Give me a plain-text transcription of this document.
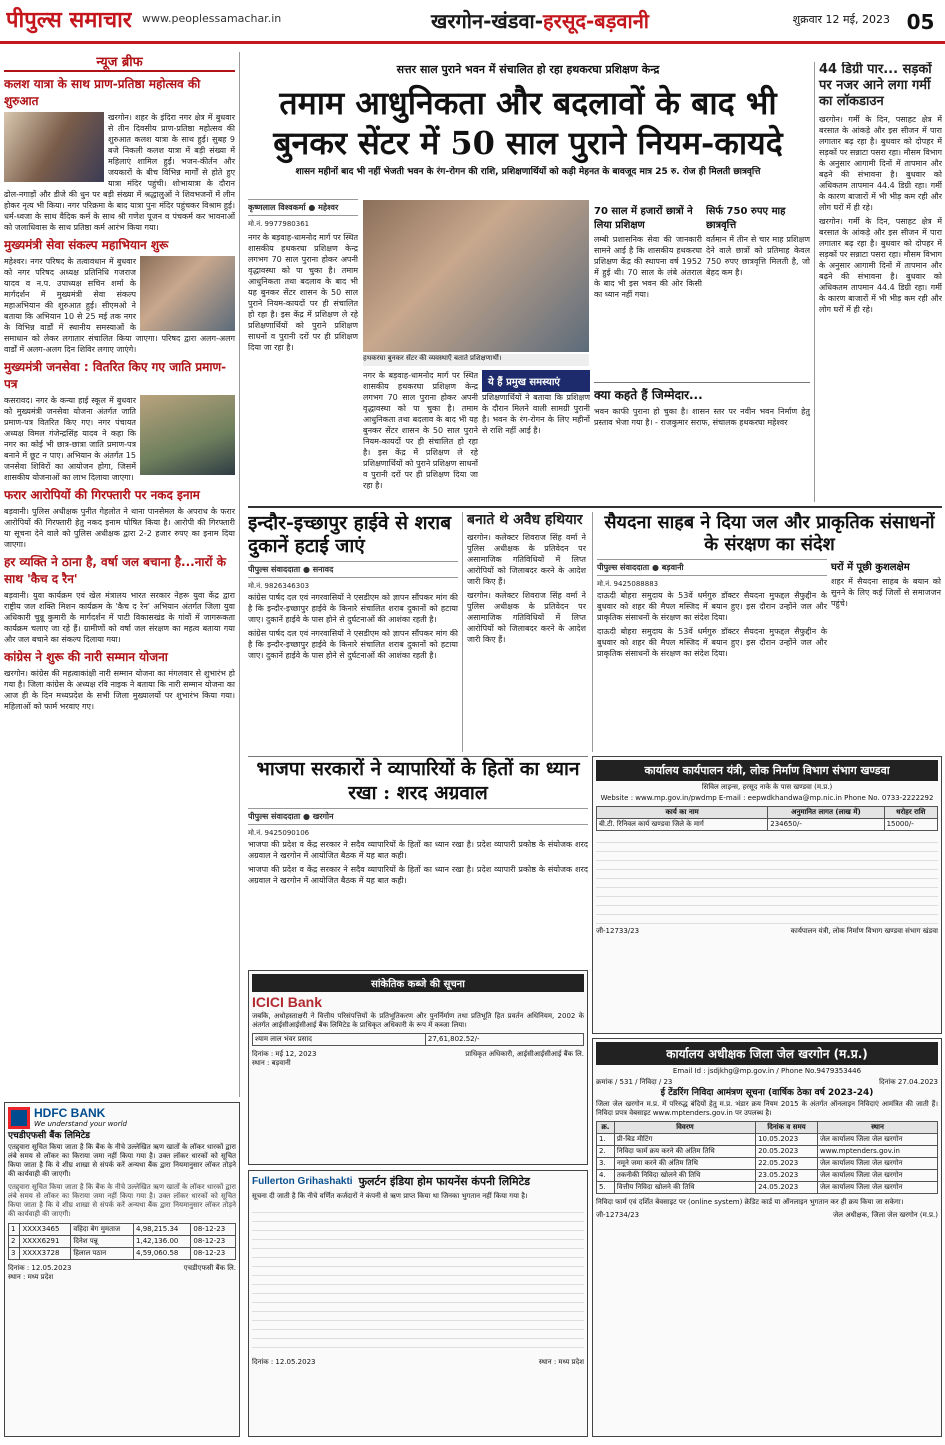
पीपुल्स समाचार www.peoplessamachar.in	खरगोन-खंडवा-हरसूद-बड़वानी	शुक्रवार 12 मई, 2023 05
न्यूज ब्रीफ
कलश यात्रा के साथ प्राण-प्रतिष्ठा महोत्सव की शुरुआत

खरगोन। शहर के इंदिरा नगर क्षेत्र में बुधवार से तीन दिवसीय प्राण-प्रतिष्ठा महोत्सव की शुरुआत कलश यात्रा के साथ हुई। सुबह 9 बजे निकली कलश यात्रा में बड़ी संख्या में महिलाएं शामिल हुईं। भजन-कीर्तन और जयकारों के बीच विभिन्न मार्गों से होते हुए यात्रा मंदिर पहुंची। शोभायात्रा के दौरान ढोल-नगाड़ों और डीजे की धुन पर बड़ी संख्या में श्रद्धालुओं ने शिवभजनों में लीन होकर नृत्य भी किया। नगर परिक्रमा के बाद यात्रा पुनः मंदिर पहुंचकर विश्राम हुई। धर्म-ध्वजा के साथ वैदिक कर्म के साथ श्री गणेश पूजन व पंचकर्म कर भावनाओं को जलाधिवास के साथ प्रतिष्ठा कर्म आरंभ किया गया।

मुख्यमंत्री सेवा संकल्प महाभियान शुरू

महेश्वर। नगर परिषद के तत्वावधान में बुधवार को नगर परिषद अध्यक्ष प्रतिनिधि गजराज यादव व न.प. उपाध्यक्ष सचिन शर्मा के मार्गदर्शन में मुख्यमंत्री सेवा संकल्प महाअभियान की शुरुआत हुई। सीएमओ ने बताया कि अभियान 10 से 25 मई तक नगर के विभिन्न वार्डों में स्थानीय समस्याओं के समाधान को लेकर लगातार संचालित किया जाएगा। परिषद द्वारा अलग-अलग वार्डों में अलग-अलग दिन शिविर लगाए जाएंगे।

मुख्यमंत्री जनसेवा : वितरित किए गए जाति प्रमाण-पत्र

कसरावद। नगर के कन्या हाई स्कूल में बुधवार को मुख्यमंत्री जनसेवा योजना अंतर्गत जाति प्रमाण-पत्र वितरित किए गए। नगर पंचायत अध्यक्ष विमल गंजेन्द्रसिंह यादव ने कहा कि नगर का कोई भी छात्र-छात्रा जाति प्रमाण-पत्र बनाने में छूट न पाए। अभियान के अंतर्गत 15 जनसेवा शिविरों का आयोजन होगा, जिसमें शासकीय योजनाओं का लाभ दिलाया जाएगा।

फरार आरोपियों की गिरफ्तारी पर नकद इनाम

बड़वानी। पुलिस अधीक्षक पुनीत गेहलोत ने थाना पानसेमल के अपराध के फरार आरोपियों की गिरफ्तारी हेतु नकद इनाम घोषित किया है। आरोपी की गिरफ्तारी या सूचना देने वाले को पुलिस अधीक्षक द्वारा 2-2 हजार रुपए का इनाम दिया जाएगा।

हर व्यक्ति ने ठाना है, वर्षा जल बचाना है...नारों के साथ 'कैच द रैन'

बड़वानी। युवा कार्यक्रम एवं खेल मंत्रालय भारत सरकार नेहरू युवा केंद्र द्वारा राष्ट्रीय जल शक्ति मिशन कार्यक्रम के 'कैच द रेन' अभियान अंतर्गत जिला युवा अधिकारी चुन्नू कुमारी के मार्गदर्शन में पाटी विकासखंड के गांवों में जागरूकता कार्यक्रम चलाए जा रहे हैं। ग्रामीणों को वर्षा जल संरक्षण का महत्व बताया गया और जल बचाने का संकल्प दिलाया गया।

कांग्रेस ने शुरू की नारी सम्मान योजना

खरगोन। कांग्रेस की महत्वाकांक्षी नारी सम्मान योजना का मंगलवार से शुभारंभ हो गया है। जिला कांग्रेस के अध्यक्ष रवि नाइक ने बताया कि नारी सम्मान योजना का आज ही के दिन मध्यप्रदेश के सभी जिला मुख्यालयों पर शुभारंभ किया गया। महिलाओं को फार्म भरवाए गए।

HDFC BANK
We understand your world
एचडीएफसी बैंक लिमिटेड

एतद्द्वारा सूचित किया जाता है कि बैंक के नीचे उल्लेखित ऋण खातों के लॉकर धारकों द्वारा लंबे समय से लॉकर का किराया जमा नहीं किया गया है। उक्त लॉकर धारकों को सूचित किया जाता है कि वे शीघ्र शाखा से संपर्क करें अन्यथा बैंक द्वारा नियमानुसार लॉकर तोड़ने की कार्यवाही की जाएगी।

एतद्द्वारा सूचित किया जाता है कि बैंक के नीचे उल्लेखित ऋण खातों के लॉकर धारकों द्वारा लंबे समय से लॉकर का किराया जमा नहीं किया गया है। उक्त लॉकर धारकों को सूचित किया जाता है कि वे शीघ्र शाखा से संपर्क करें अन्यथा बैंक द्वारा नियमानुसार लॉकर तोड़ने की कार्यवाही की जाएगी।

1	XXXX3465	वहिदा बेग मुमताज	4,98,215.34	08-12-23
2	XXXX6291	दिनेश पन्नू	1,42,136.00	08-12-23
3	XXXX3728	हिलाल पठान	4,59,060.58	08-12-23
दिनांक : 12.05.2023
स्थान : मध्य प्रदेश
एचडीएफसी बैंक लि.
सत्तर साल पुराने भवन में संचालित हो रहा हथकरघा प्रशिक्षण केन्द्र
तमाम आधुनिकता और बदलावों के बाद भी
बुनकर सेंटर में 50 साल पुराने नियम-कायदे
शासन महीनों बाद भी नहीं भेजती भवन के रंग-रोगन की राशि, प्रशिक्षणार्थियों को कड़ी मेहनत के बावजूद मात्र 25 रु. रोज ही मिलती छात्रवृत्ति
कृष्णलाल विश्वकर्मा ● महेश्वर
मो.नं. 9977980361

नगर के बड़वाह-धामनोद मार्ग पर स्थित शासकीय हथकरघा प्रशिक्षण केन्द्र लगभग 70 साल पुराना होकर अपनी वृद्धावस्था को पा चुका है। तमाम आधुनिकता तथा बदलाव के बाद भी यह बुनकर सेंटर शासन के 50 साल पुराने नियम-कायदों पर ही संचालित हो रहा है। इस केंद्र में प्रशिक्षण ले रहे प्रशिक्षणार्थियों को पुराने प्रशिक्षण साधनों व पुरानी दरों पर ही प्रशिक्षण दिया जा रहा है।

हथकरघा बुनकर सेंटर की व्यवस्थाएँ बताते प्रशिक्षणार्थी।

नगर के बड़वाह-धामनोद मार्ग पर स्थित शासकीय हथकरघा प्रशिक्षण केन्द्र लगभग 70 साल पुराना होकर अपनी वृद्धावस्था को पा चुका है। तमाम आधुनिकता तथा बदलाव के बाद भी यह बुनकर सेंटर शासन के 50 साल पुराने नियम-कायदों पर ही संचालित हो रहा है। इस केंद्र में प्रशिक्षण ले रहे प्रशिक्षणार्थियों को पुराने प्रशिक्षण साधनों व पुरानी दरों पर ही प्रशिक्षण दिया जा रहा है।

ये हैं प्रमुख समस्याएं

प्रशिक्षणार्थियों ने बताया कि प्रशिक्षण के दौरान मिलने वाली सामग्री पुरानी है। भवन के रंग-रोगन के लिए महीनों से राशि नहीं आई है।

70 साल में हजारों छात्रों ने लिया प्रशिक्षण

लम्बी प्रशासनिक सेवा की जानकारी सामने आई है कि शासकीय हथकरघा प्रशिक्षण केंद्र की स्थापना वर्ष 1952 में हुई थी। 70 साल के लंबे अंतराल के बाद भी इस भवन की ओर किसी का ध्यान नहीं गया।

सिर्फ 750 रुपए माह छात्रवृत्ति

वर्तमान में तीन से चार माह प्रशिक्षण देने वाले छात्रों को प्रतिमाह केवल 750 रुपए छात्रवृत्ति मिलती है, जो बेहद कम है।

क्या कहते हैं जिम्मेदार...

भवन काफी पुराना हो चुका है। शासन स्तर पर नवीन भवन निर्माण हेतु प्रस्ताव भेजा गया है। - राजकुमार सराफ, संचालक हथकरघा महेश्वर

44 डिग्री पार... सड़कों पर नजर आने लगा गर्मी का लॉकडाउन

खरगोन। गर्मी के दिन, पसाहट क्षेत्र में बरसात के आंकड़े और इस सीजन में पारा लगातार बढ़ रहा है। बुधवार को दोपहर में सड़कों पर सन्नाटा पसरा रहा। मौसम विभाग के अनुसार आगामी दिनों में तापमान और बढ़ने की संभावना है। बुधवार को अधिकतम तापमान 44.4 डिग्री रहा। गर्मी के कारण बाजारों में भी भीड़ कम रही और लोग घरों में ही रहे।

खरगोन। गर्मी के दिन, पसाहट क्षेत्र में बरसात के आंकड़े और इस सीजन में पारा लगातार बढ़ रहा है। बुधवार को दोपहर में सड़कों पर सन्नाटा पसरा रहा। मौसम विभाग के अनुसार आगामी दिनों में तापमान और बढ़ने की संभावना है। बुधवार को अधिकतम तापमान 44.4 डिग्री रहा। गर्मी के कारण बाजारों में भी भीड़ कम रही और लोग घरों में ही रहे।

इन्दौर-इच्छापुर हाईवे से शराब दुकानें हटाई जाएं
पीपुल्स संवाददाता ● सनावद
मो.नं. 9826346303

कांग्रेस पार्षद दल एवं नगरवासियों ने एसडीएम को ज्ञापन सौंपकर मांग की है कि इन्दौर-इच्छापुर हाईवे के किनारे संचालित शराब दुकानों को हटाया जाए। दुकानें हाईवे के पास होने से दुर्घटनाओं की आशंका रहती है।

कांग्रेस पार्षद दल एवं नगरवासियों ने एसडीएम को ज्ञापन सौंपकर मांग की है कि इन्दौर-इच्छापुर हाईवे के किनारे संचालित शराब दुकानों को हटाया जाए। दुकानें हाईवे के पास होने से दुर्घटनाओं की आशंका रहती है।

बनाते थे अवैध हथियार

खरगोन। कलेक्टर शिवराज सिंह वर्मा ने पुलिस अधीक्षक के प्रतिवेदन पर असामाजिक गतिविधियों में लिप्त आरोपियों को जिलाबदर करने के आदेश जारी किए हैं।

खरगोन। कलेक्टर शिवराज सिंह वर्मा ने पुलिस अधीक्षक के प्रतिवेदन पर असामाजिक गतिविधियों में लिप्त आरोपियों को जिलाबदर करने के आदेश जारी किए हैं।

सैयदना साहब ने दिया जल और प्राकृतिक संसाधनों के संरक्षण का संदेश
पीपुल्स संवाददाता ● बड़वानी
मो.नं. 9425088883

दाऊदी बोहरा समुदाय के 53वें धर्मगुरु डॉक्टर सैयदना मुफद्दल सैफुद्दीन के बुधवार को शहर की मैपल मस्जिद में बयान हुए। इस दौरान उन्होंने जल और प्राकृतिक संसाधनों के संरक्षण का संदेश दिया।

दाऊदी बोहरा समुदाय के 53वें धर्मगुरु डॉक्टर सैयदना मुफद्दल सैफुद्दीन के बुधवार को शहर की मैपल मस्जिद में बयान हुए। इस दौरान उन्होंने जल और प्राकृतिक संसाधनों के संरक्षण का संदेश दिया।

घरों में पूछी कुशलक्षेम

शहर में सैयदना साहब के बयान को सुनने के लिए कई जिलों से समाजजन पहुंचे।

भाजपा सरकारों ने व्यापारियों के हितों का ध्यान रखा : शरद अग्रवाल
पीपुल्स संवाददाता ● खरगोन
मो.नं. 9425090106

भाजपा की प्रदेश व केंद्र सरकार ने सदैव व्यापारियों के हितों का ध्यान रखा है। प्रदेश व्यापारी प्रकोष्ठ के संयोजक शरद अग्रवाल ने खरगोन में आयोजित बैठक में यह बात कही।

भाजपा की प्रदेश व केंद्र सरकार ने सदैव व्यापारियों के हितों का ध्यान रखा है। प्रदेश व्यापारी प्रकोष्ठ के संयोजक शरद अग्रवाल ने खरगोन में आयोजित बैठक में यह बात कही।

कार्यालय कार्यपालन यंत्री, लोक निर्माण विभाग संभाग खण्डवा
सिविल लाइन्स, हरसूद नाके के पास खण्डवा (म.प्र.)
Website : www.mp.gov.in/pwdmp E-mail : eepwdkhandwa@mp.nic.in Phone No. 0733-2222292
कार्य का नाम	अनुमानित लागत (लाख में)	धरोहर राशि
बी.टी. रिनिवल कार्य खण्डवा जिले के मार्ग	234650/-	15000/-
जी-12733/23	कार्यपालन यंत्री, लोक निर्माण विभाग खण्डवा संभाग खंडवा
सांकेतिक कब्जे की सूचना
ICICI Bank

जबकि, अधोहस्ताक्षरी ने वित्तीय परिसंपत्तियों के प्रतिभूतिकरण और पुनर्निर्माण तथा प्रतिभूति हित प्रवर्तन अधिनियम, 2002 के अंतर्गत आईसीआईसीआई बैंक लिमिटेड के प्राधिकृत अधिकारी के रूप में कब्जा लिया।

श्याम लाल भंवर प्रसाद	27,61,802.52/-
दिनांक : मई 12, 2023
स्थान : बड़वानी
प्राधिकृत अधिकारी, आईसीआईसीआई बैंक लि.
Fullerton Grihashakti फुलर्टन इंडिया होम फायनेंस कंपनी लिमिटेड

सूचना दी जाती है कि नीचे वर्णित कर्जदारों ने कंपनी से ऋण प्राप्त किया था जिनका भुगतान नहीं किया गया है।

दिनांक : 12.05.2023	स्थान : मध्य प्रदेश
कार्यालय अधीक्षक जिला जेल खरगोन (म.प्र.)
Email Id : jsdjkhg@mp.gov.in / Phone No.9479353446
क्रमांक / 531 / निविदा / 23	दिनांक 27.04.2023
ई टेंडरिंग निविदा आमंत्रण सूचना (वार्षिक ठेका वर्ष 2023-24)

जिला जेल खरगोन म.प्र. में परिरुद्ध बंदियों हेतु म.प्र. भंडार क्रय नियम 2015 के अंतर्गत ऑनलाइन निविदाएं आमंत्रित की जाती हैं। निविदा प्रपत्र वेबसाइट www.mptenders.gov.in पर उपलब्ध है।

क्र.	विवरण	दिनांक व समय	स्थान
1.	प्री-बिड मीटिंग	10.05.2023	जेल कार्यालय जिला जेल खरगोन
2.	निविदा फार्म क्रय करने की अंतिम तिथि	20.05.2023	www.mptenders.gov.in
3.	नमूने जमा करने की अंतिम तिथि	22.05.2023	जेल कार्यालय जिला जेल खरगोन
4.	तकनीकी निविदा खोलने की तिथि	23.05.2023	जेल कार्यालय जिला जेल खरगोन
5.	वित्तीय निविदा खोलने की तिथि	24.05.2023	जेल कार्यालय जिला जेल खरगोन

निविदा फार्म एवं दर्शित बेवसाइट पर (online system) क्रेडिट कार्ड या ऑनलाइन भुगतान कर ही क्रय किया जा सकेगा।

जी-12734/23	जेल अधीक्षक, जिला जेल खरगोन (म.प्र.)
